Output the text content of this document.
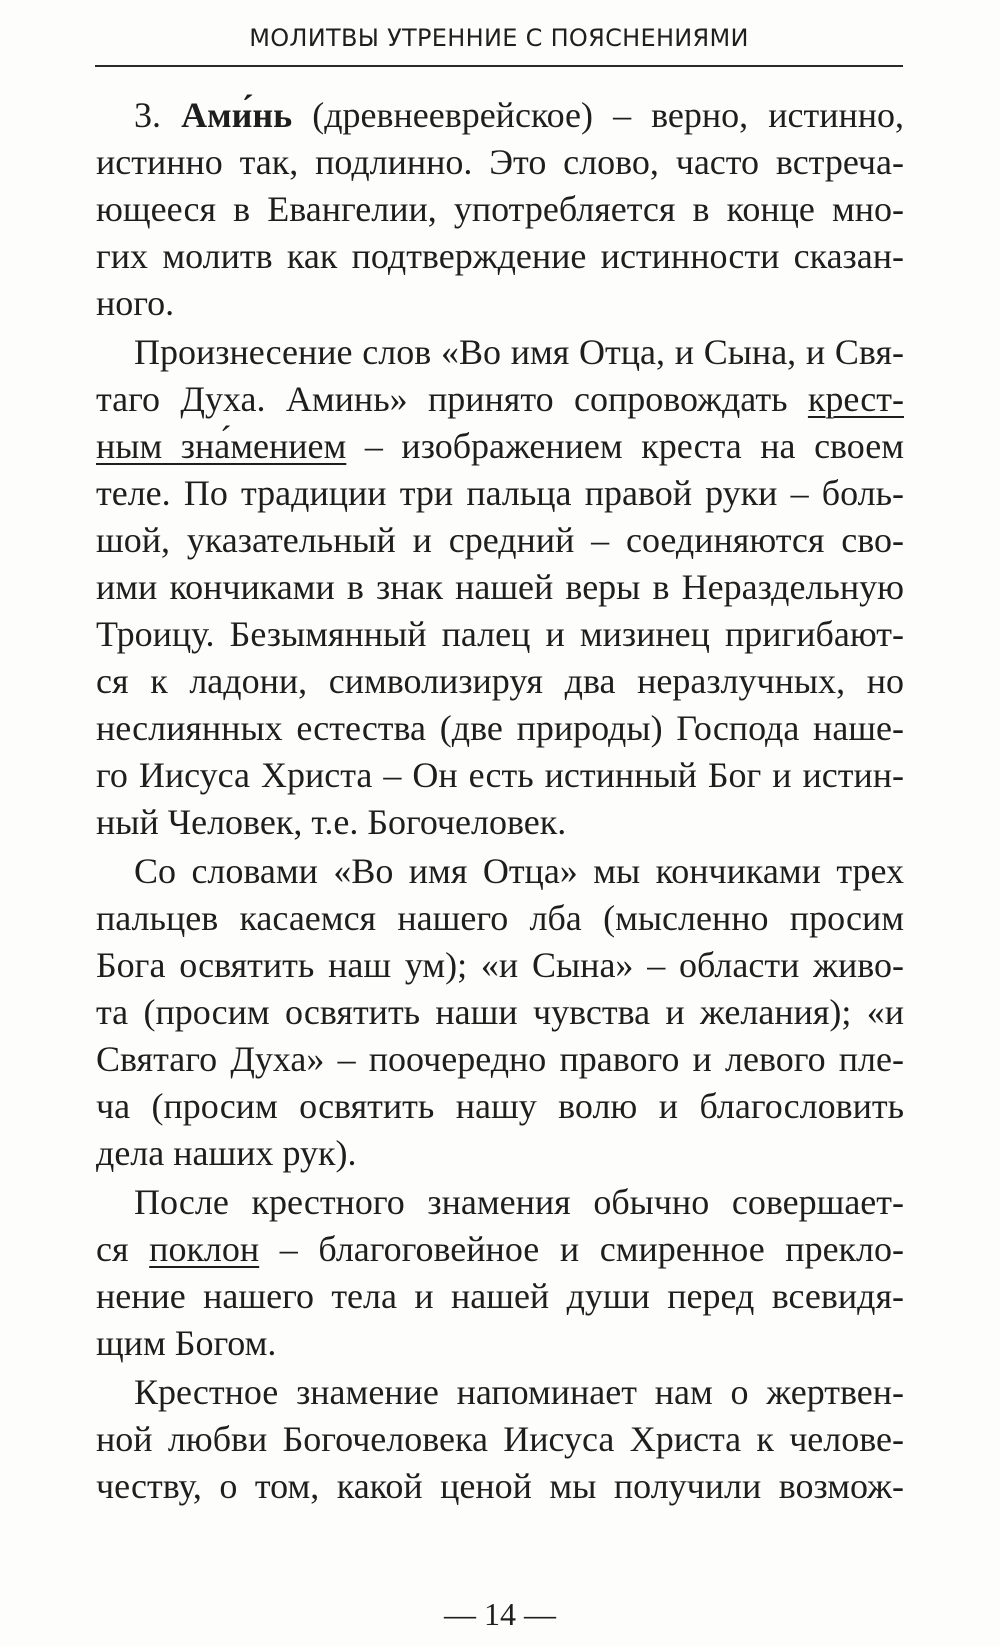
МОЛИТВЫ УТРЕННИЕ С ПОЯСНЕНИЯМИ
3. Ами́нь (древнееврейское) – верно, истинно,
истинно так, подлинно. Это слово, часто встреча-
ющееся в Евангелии, употребляется в конце мно-
гих молитв как подтверждение истинности сказан-
ного.
Произнесение слов «Во имя Отца, и Сына, и Свя-
таго Духа. Аминь» принято сопровождать крест-
ным зна́мением – изображением креста на своем
теле. По традиции три пальца правой руки – боль-
шой, указательный и средний – соединяются сво-
ими кончиками в знак нашей веры в Нераздельную
Троицу. Безымянный палец и мизинец пригибают-
ся к ладони, символизируя два неразлучных, но
неслиянных естества (две природы) Господа наше-
го Иисуса Христа – Он есть истинный Бог и истин-
ный Человек, т.е. Богочеловек.
Со словами «Во имя Отца» мы кончиками трех
пальцев касаемся нашего лба (мысленно просим
Бога освятить наш ум); «и Сына» – области живо-
та (просим освятить наши чувства и желания); «и
Святаго Духа» – поочередно правого и левого пле-
ча (просим освятить нашу волю и благословить
дела наших рук).
После крестного знамения обычно совершает-
ся поклон – благоговейное и смиренное прекло-
нение нашего тела и нашей души перед всевидя-
щим Богом.
Крестное знамение напоминает нам о жертвен-
ной любви Богочеловека Иисуса Христа к челове-
честву, о том, какой ценой мы получили возмож-
— 14 —
